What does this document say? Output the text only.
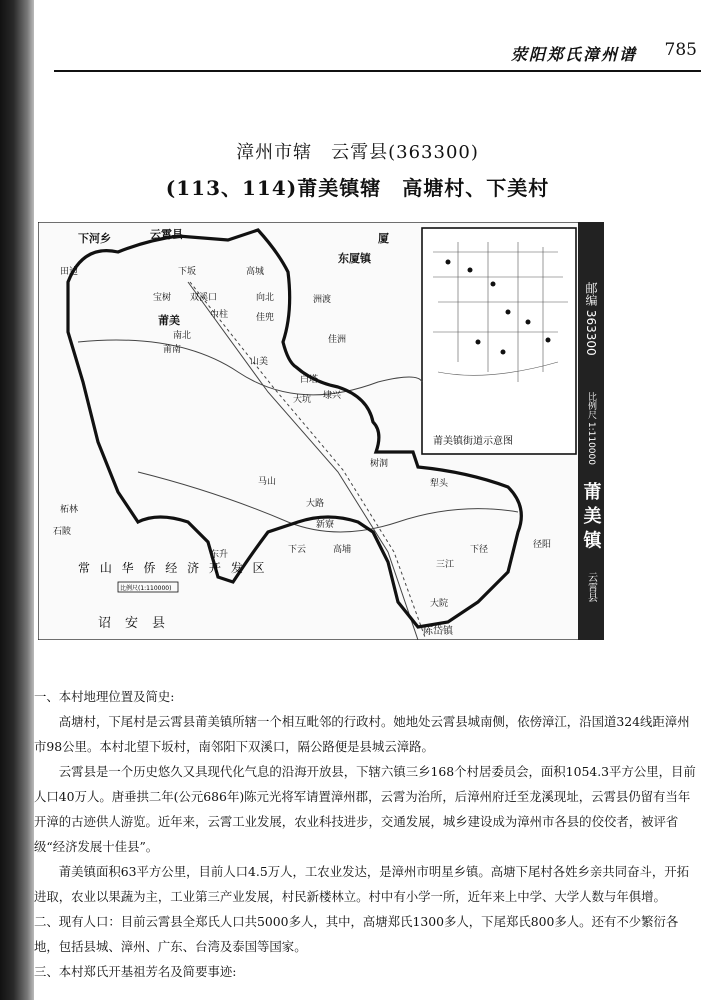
荥阳郑氏漳州谱 785
漳州市辖　云霄县(363300)
(113、114)莆美镇辖　高塘村、下美村
邮编 363300
比例尺 1:110000
莆 美 镇
云霄县
莆美镇街道示意图
常 山 华 侨 经 济 开 发 区
比例尺(1:110000)
下河乡	云霄县
东厦镇
陈岱镇
诏安县
田边
宝树
下坂
莆美
双溪口
中柱	佳兜
高城
向北
莆南
南北
厦
洲渡
佳洲
山美
白塔
埭兴
大坑
树洞
马山
大路
新寮
下云	高埔
东升
石陂
柘林
下径
三江
大院
径阳
犁头

一、本村地理位置及简史:

高塘村，下尾村是云霄县莆美镇所辖一个相互毗邻的行政村。她地处云霄县城南侧，依傍漳江，沿国道324线距漳州市98公里。本村北望下坂村，南邻阳下双溪口，隔公路便是县城云漳路。

云霄县是一个历史悠久又具现代化气息的沿海开放县，下辖六镇三乡168个村居委员会，面积1054.3平方公里，目前人口40万人。唐垂拱二年(公元686年)陈元光将军请置漳州郡，云霄为治所，后漳州府迁至龙溪现址，云霄县仍留有当年开漳的古迹供人游览。近年来，云霄工业发展，农业科技进步，交通发展，城乡建设成为漳州市各县的佼佼者，被评省级“经济发展十佳县”。

莆美镇面积63平方公里，目前人口4.5万人，工农业发达，是漳州市明星乡镇。高塘下尾村各姓乡亲共同奋斗，开拓进取，农业以果蔬为主，工业第三产业发展，村民新楼林立。村中有小学一所，近年来上中学、大学人数与年俱增。

二、现有人口：目前云霄县全郑氏人口共5000多人，其中，高塘郑氏1300多人，下尾郑氏800多人。还有不少繁衍各地，包括县城、漳州、广东、台湾及泰国等国家。

三、本村郑氏开基祖芳名及简要事迹:
